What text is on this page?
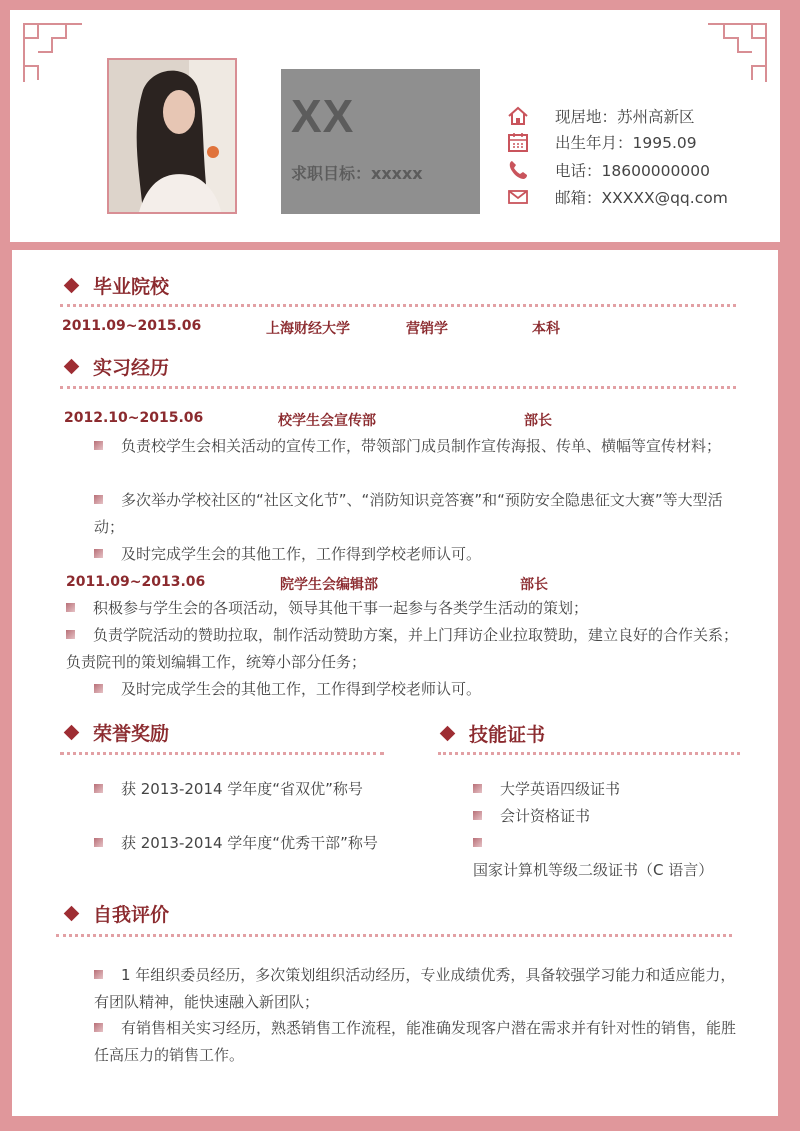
XX
求职目标：xxxxx
现居地：苏州高新区
出生年月：1995.09
电话：18600000000
邮箱：XXXXX@qq.com
毕业院校
2011.09~2015.06	上海财经大学	营销学	本科
实习经历
2012.10~2015.06	校学生会宣传部	部长
负责校学生会相关活动的宣传工作，带领部门成员制作宣传海报、传单、横幅等宣传材料；
多次举办学校社区的“社区文化节”、“消防知识竞答赛”和“预防安全隐患征文大赛”等大型活动；
及时完成学生会的其他工作，工作得到学校老师认可。
2011.09~2013.06	院学生会编辑部	部长
积极参与学生会的各项活动，领导其他干事一起参与各类学生活动的策划；
负责学院活动的赞助拉取，制作活动赞助方案，并上门拜访企业拉取赞助，建立良好的合作关系；负责院刊的策划编辑工作，统筹小部分任务；
及时完成学生会的其他工作，工作得到学校老师认可。
荣誉奖励
获 2013-2014 学年度“省双优”称号
获 2013-2014 学年度“优秀干部”称号
技能证书
大学英语四级证书
会计资格证书
国家计算机等级二级证书（C 语言）
自我评价
1 年组织委员经历，多次策划组织活动经历，专业成绩优秀，具备较强学习能力和适应能力，有团队精神，能快速融入新团队；
有销售相关实习经历，熟悉销售工作流程，能准确发现客户潜在需求并有针对性的销售，能胜任高压力的销售工作。
